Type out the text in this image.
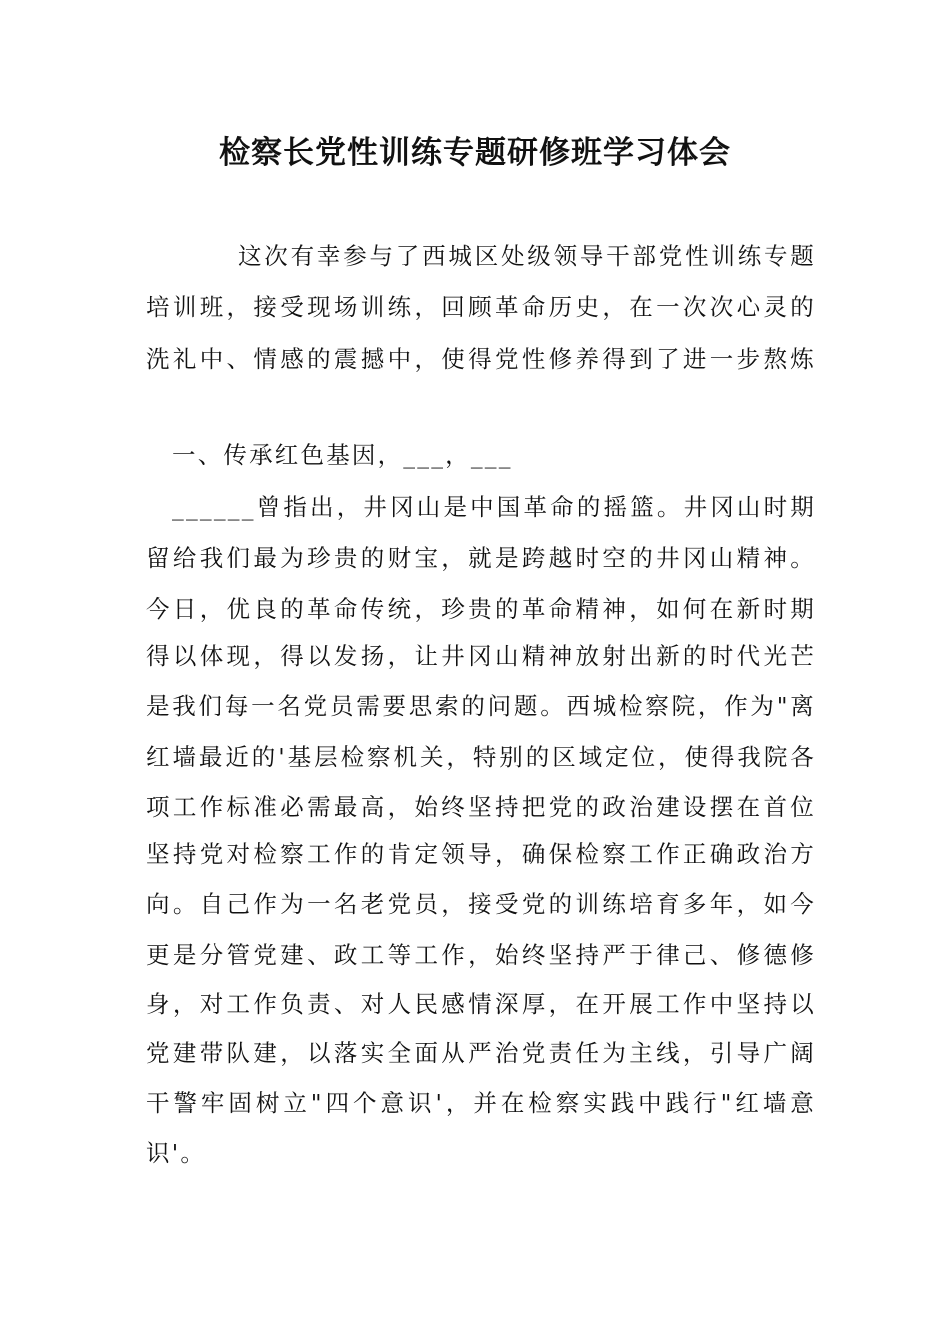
检察长党性训练专题研修班学习体会
这次有幸参与了西城区处级领导干部党性训练专题
培训班，接受现场训练，回顾革命历史，在一次次心灵的
洗礼中、情感的震撼中，使得党性修养得到了进一步熬炼
一、传承红色基因，___，___
______曾指出，井冈山是中国革命的摇篮。井冈山时期
留给我们最为珍贵的财宝，就是跨越时空的井冈山精神。
今日，优良的革命传统，珍贵的革命精神，如何在新时期
得以体现，得以发扬，让井冈山精神放射出新的时代光芒
是我们每一名党员需要思索的问题。西城检察院，作为"离
红墙最近的'基层检察机关，特别的区域定位，使得我院各
项工作标准必需最高，始终坚持把党的政治建设摆在首位
坚持党对检察工作的肯定领导，确保检察工作正确政治方
向。自己作为一名老党员，接受党的训练培育多年，如今
更是分管党建、政工等工作，始终坚持严于律己、修德修
身，对工作负责、对人民感情深厚，在开展工作中坚持以
党建带队建，以落实全面从严治党责任为主线，引导广阔
干警牢固树立"四个意识'，并在检察实践中践行"红墙意
识'。
